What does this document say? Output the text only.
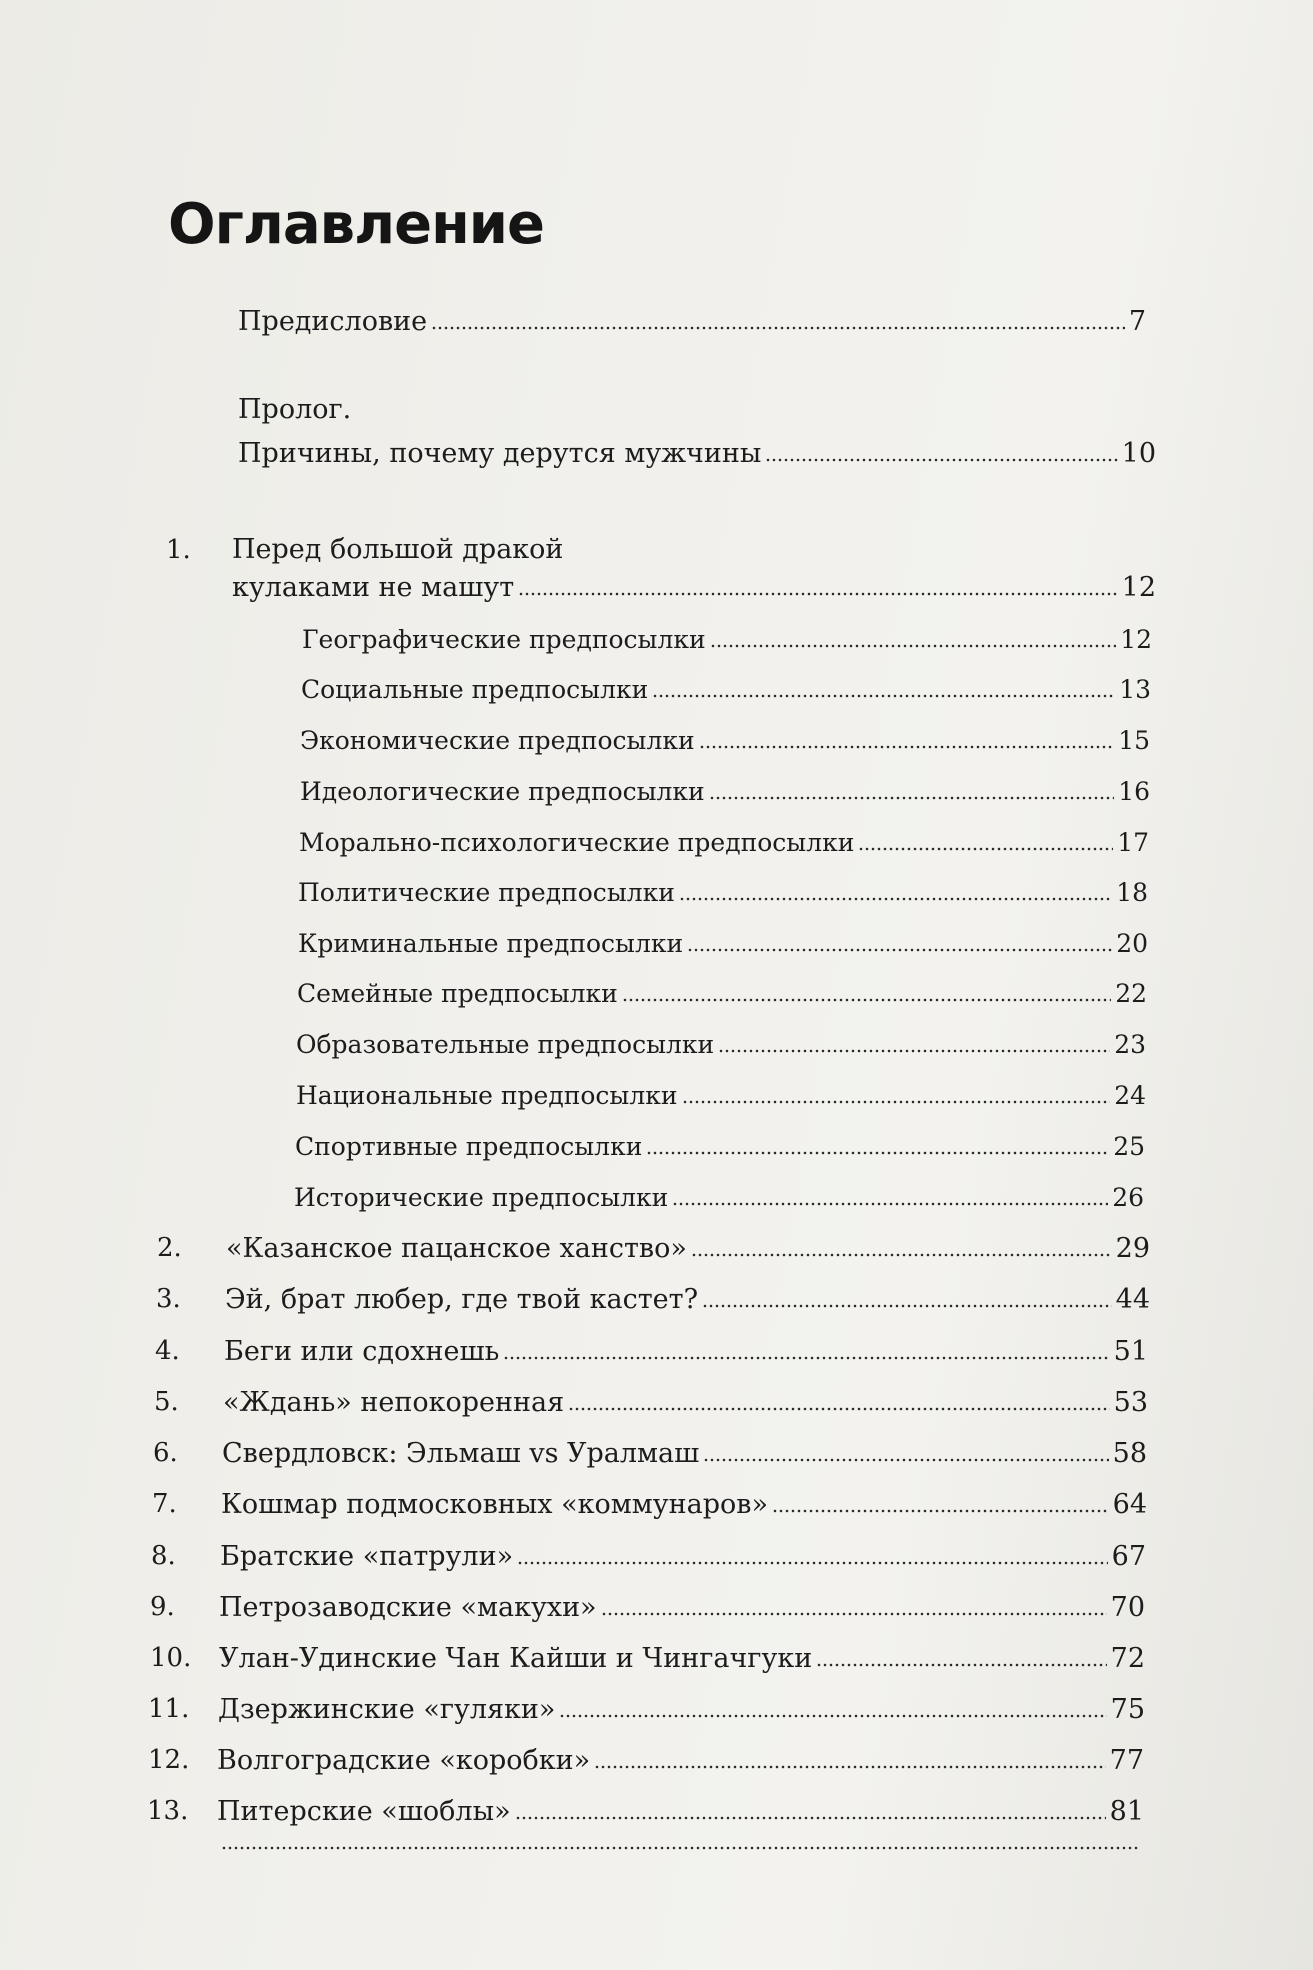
Оглавление
Предисловие	7
Пролог.
Причины, почему дерутся мужчины	10
1. Перед большой дракой
кулаками не машут	12
Географические предпосылки	12
Социальные предпосылки	13
Экономические предпосылки	15
Идеологические предпосылки	16
Морально-психологические предпосылки	17
Политические предпосылки	18
Криминальные предпосылки	20
Семейные предпосылки	22
Образовательные предпосылки	23
Национальные предпосылки	24
Спортивные предпосылки	25
Исторические предпосылки	26
2. «Казанское пацанское ханство»	29
3. Эй, брат любер, где твой кастет?	44
4. Беги или сдохнешь	51
5. «Ждань» непокоренная	53
6. Свердловск: Эльмаш vs Уралмаш	58
7. Кошмар подмосковных «коммунаров»	64
8. Братские «патрули»	67
9. Петрозаводские «макухи»	70
10. Улан-Удинские Чан Кайши и Чингачгуки	72
11. Дзержинские «гуляки»	75
12. Волгоградские «коробки»	77
13. Питерские «шоблы»	81
